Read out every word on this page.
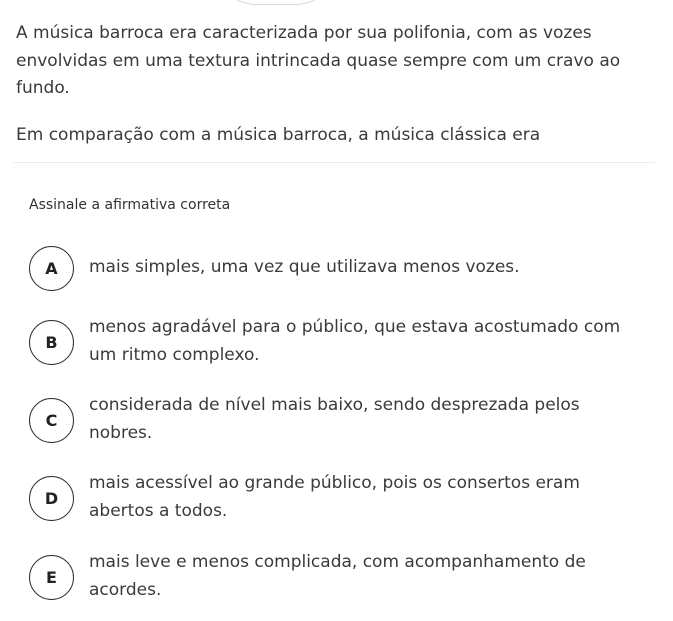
A música barroca era caracterizada por sua polifonia, com as vozes envolvidas em uma textura intrincada quase sempre com um cravo ao fundo.

Em comparação com a música barroca, a música clássica era

Assinale a afirmativa correta

A	mais simples, uma vez que utilizava menos vozes.
B
menos agradável para o público, que estava acostumado com um ritmo complexo.
C
considerada de nível mais baixo, sendo desprezada pelos nobres.
D
mais acessível ao grande público, pois os consertos eram abertos a todos.
E
mais leve e menos complicada, com acompanhamento de acordes.
